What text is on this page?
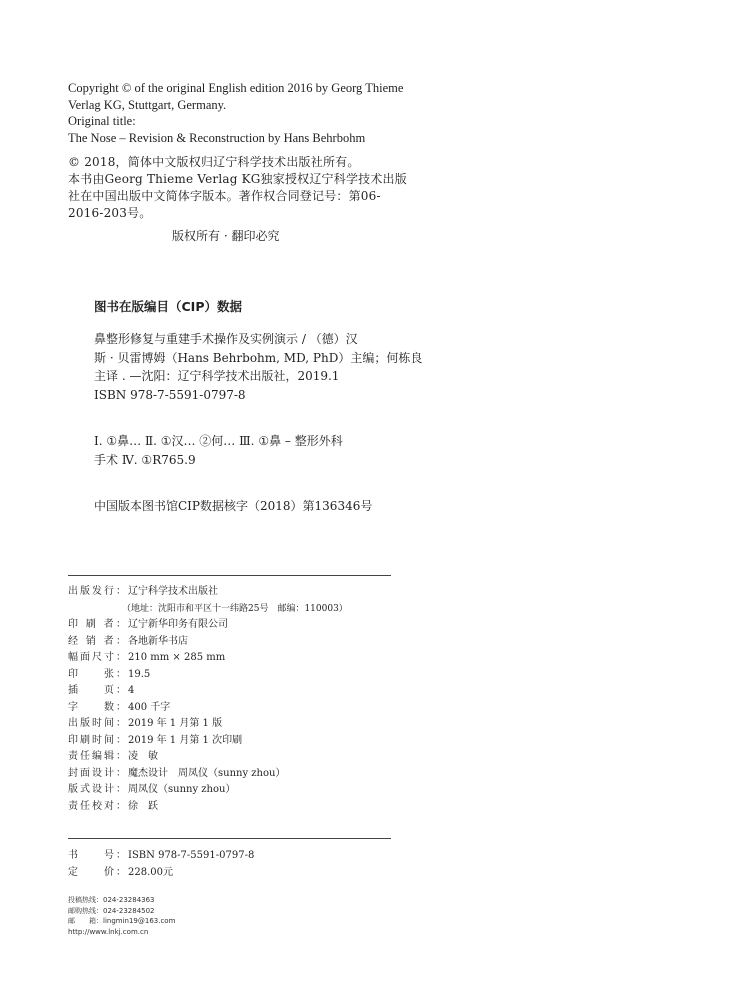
Copyright © of the original English edition 2016 by Georg Thieme
Verlag KG, Stuttgart, Germany.
Original title:
The Nose – Revision & Reconstruction by Hans Behrbohm
© 2018，简体中文版权归辽宁科学技术出版社所有。
本书由Georg Thieme Verlag KG独家授权辽宁科学技术出版
社在中国出版中文简体字版本。著作权合同登记号：第06-
2016-203号。
版权所有 · 翻印必究
图书在版编目（CIP）数据
鼻整形修复与重建手术操作及实例演示 / （德）汉
斯 · 贝雷博姆（Hans Behrbohm, MD, PhD）主编；何栋良
主译 . —沈阳：辽宁科学技术出版社，2019.1
ISBN 978-7-5591-0797-8
Ⅰ. ①鼻… Ⅱ. ①汉… ②何… Ⅲ. ①鼻 – 整形外科
手术 Ⅳ. ①R765.9
中国版本图书馆CIP数据核字（2018）第136346号
出版发行： 辽宁科学技术出版社
（地址：沈阳市和平区十一纬路25号　邮编：110003）
印 刷 者： 辽宁新华印务有限公司
经 销 者： 各地新华书店
幅面尺寸： 210 mm × 285 mm
印　　张： 19.5
插　　页： 4
字　　数： 400 千字
出版时间： 2019 年 1 月第 1 版
印刷时间： 2019 年 1 月第 1 次印刷
责任编辑： 凌　敏
封面设计： 魔杰设计　周凤仪（sunny zhou）
版式设计： 周凤仪（sunny zhou）
责任校对： 徐　跃
书　　号： ISBN 978-7-5591-0797-8
定　　价： 228.00元
投稿热线：024-23284363
邮购热线：024-23284502
邮　　箱：lingmin19@163.com
http://www.lnkj.com.cn
